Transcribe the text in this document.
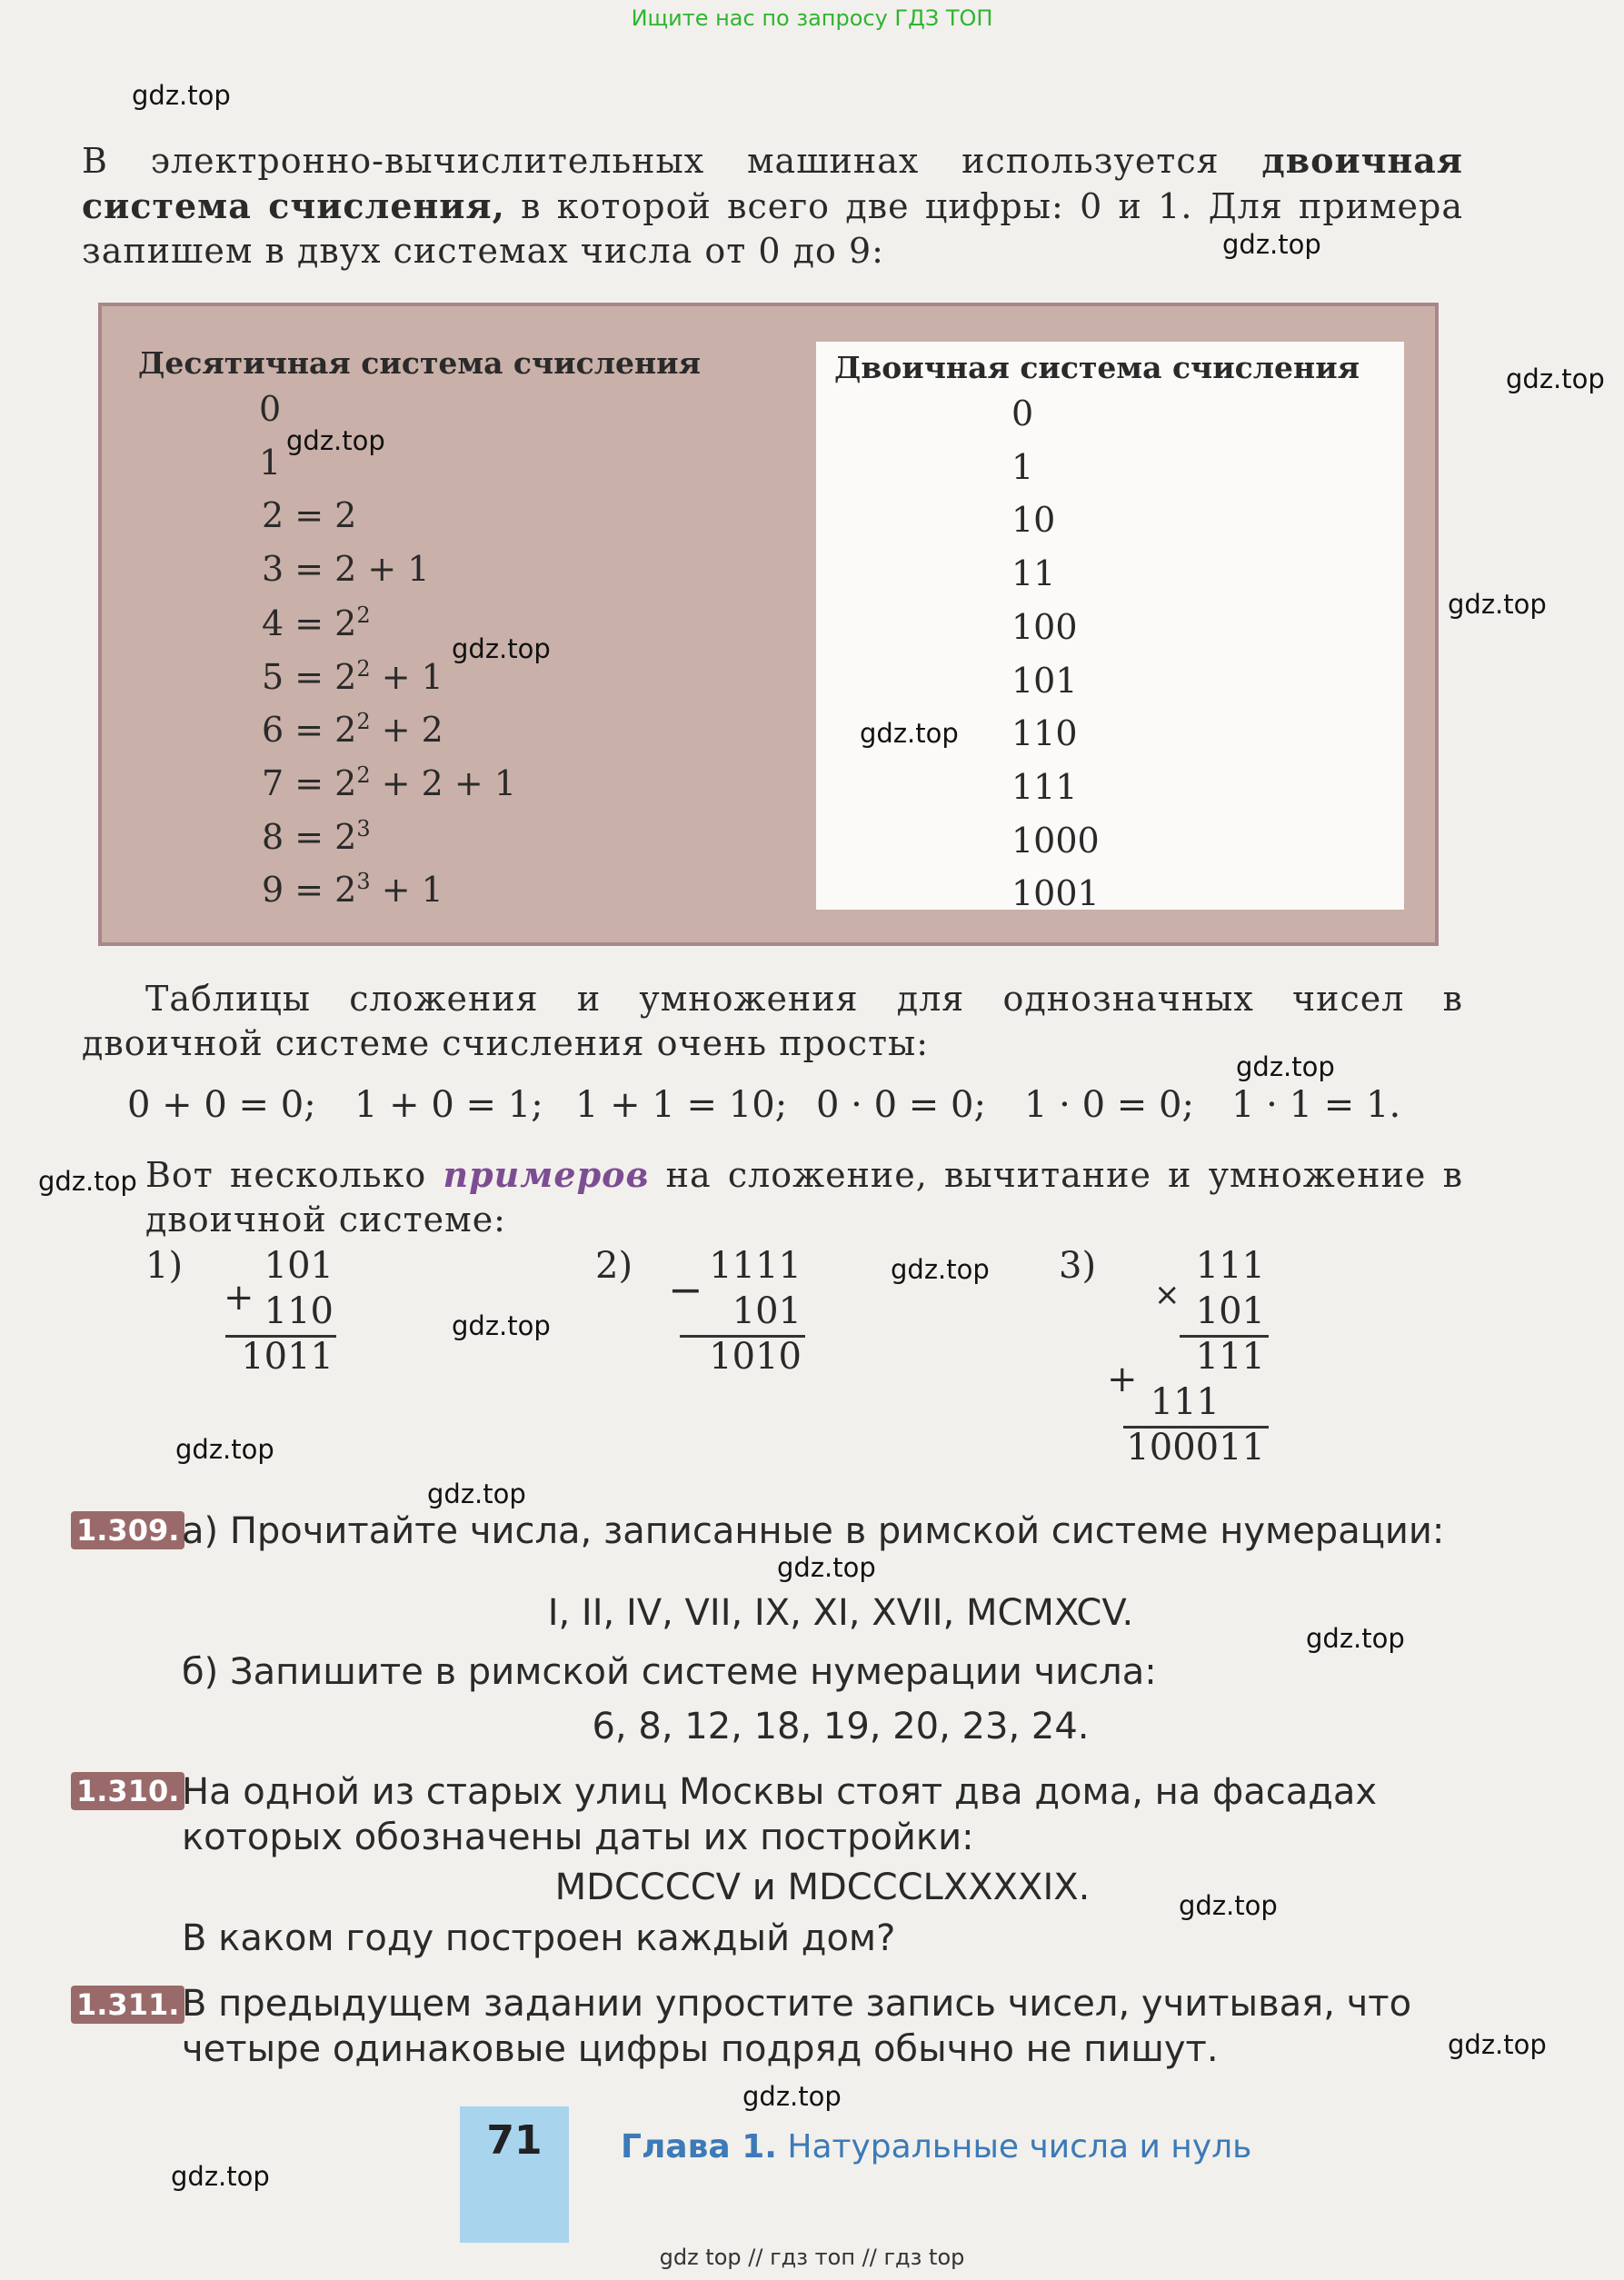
Ищите нас по запросу ГДЗ ТОП
gdz.top
gdz.top
gdz.top
gdz.top
gdz.top
gdz.top
gdz.top
gdz.top
gdz.top
gdz.top
gdz.top
gdz.top
gdz.top
gdz.top
gdz.top
gdz.top
gdz.top
gdz.top
gdz.top
В электронно-вычислительных машинах используется двоичная система счисления, в которой всего две цифры: 0 и 1. Для примера запишем в двух системах числа от 0 до 9:
Десятичная система счисления	Двоичная система счисления
0
1
2 = 2
3 = 2 + 1
$4 = 2^2$
$5 = 2^2 + 1$
$6 = 2^2 + 2$
$7 = 2^2 + 2 + 1$
$8 = 2^3$
$9 = 2^3 + 1$
0
1
10
11
100
101
110
111
1000
1001
Таблицы сложения и умножения для однозначных чисел в двоичной системе счисления очень просты:
0 + 0 = 0; 1 + 0 = 1; 1 + 1 = 10; 0 · 0 = 0; 1 · 0 = 0; 1 · 1 = 1.
Вот несколько примеров на сложение, вычитание и умножение в двоичной системе:
1)
+
101
110
1011
2) − 1111
101
1010
3)
×
111
101
111
+
111
100011
1.309. а) Прочитайте числа, записанные в римской системе нумерации:
I, II, IV, VII, IX, XI, XVII, MCMXCV.
б) Запишите в римской системе нумерации числа:
6, 8, 12, 18, 19, 20, 23, 24.
1.310. На одной из старых улиц Москвы стоят два дома, на фасадах которых обозначены даты их постройки:
MDCCCCV и MDCCCLXXXXIX.
В каком году построен каждый дом?
1.311. В предыдущем задании упростите запись чисел, учитывая, что четыре одинаковые цифры подряд обычно не пишут.
71	Глава 1. Натуральные числа и нуль
gdz top // гдз топ // гдз top
